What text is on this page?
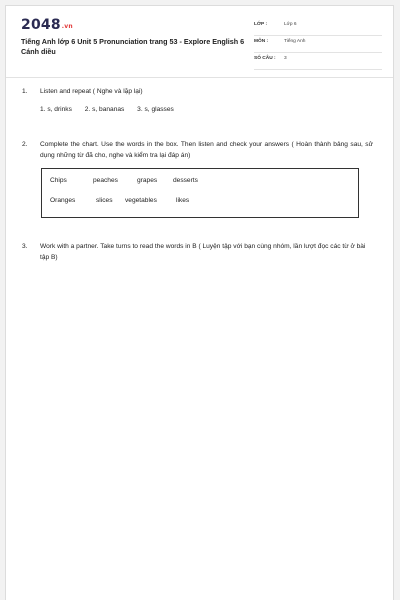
2048.vn
Tiếng Anh lớp 6 Unit 5 Pronunciation trang 53 - Explore English 6 Cánh diều
LỚP :	Lớp 6
MÔN :	Tiếng Anh
SỐ CÂU : 3
1. Listen and repeat ( Nghe và lặp lại)
1. s, drinks 2. s, bananas 3. s, glasses
2. Complete the chart. Use the words in the box. Then listen and check your answers ( Hoàn thành bảng sau, sử dụng những từ đã cho, nghe và kiểm tra lại đáp án)
Chips	peaches	grapes desserts
Oranges	slices vegetables	likes
3. Work with a partner. Take turns to read the words in B ( Luyện tập với bạn cùng nhóm, lần lượt đọc các từ ở bài tập B)
